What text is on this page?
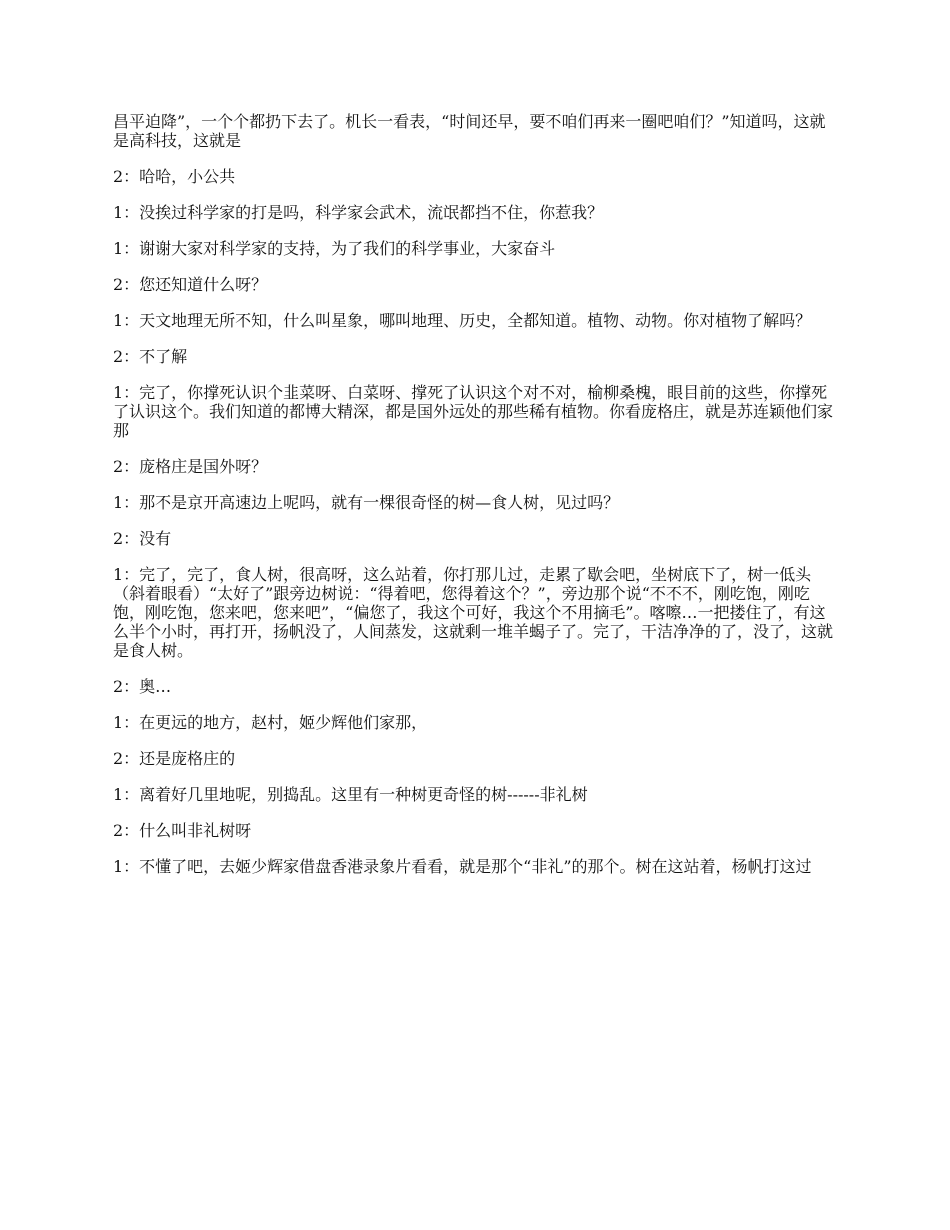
昌平迫降”，一个个都扔下去了。机长一看表，“时间还早，要不咱们再来一圈吧咱们？”知道吗，这就是高科技，这就是

2：哈哈，小公共

1：没挨过科学家的打是吗，科学家会武术，流氓都挡不住，你惹我？

1：谢谢大家对科学家的支持，为了我们的科学事业，大家奋斗

2：您还知道什么呀？

1：天文地理无所不知，什么叫星象，哪叫地理、历史，全都知道。植物、动物。你对植物了解吗？

2：不了解

1：完了，你撑死认识个韭菜呀、白菜呀、撑死了认识这个对不对，榆柳桑槐，眼目前的这些，你撑死了认识这个。我们知道的都博大精深，都是国外远处的那些稀有植物。你看庞格庄，就是苏连颖他们家那

2：庞格庄是国外呀？

1：那不是京开高速边上呢吗，就有一棵很奇怪的树—食人树，见过吗？

2：没有

1：完了，完了，食人树，很高呀，这么站着，你打那儿过，走累了歇会吧，坐树底下了，树一低头（斜着眼看）“太好了”跟旁边树说：“得着吧，您得着这个？”，旁边那个说“不不不，刚吃饱，刚吃饱，刚吃饱，您来吧，您来吧”，“偏您了，我这个可好，我这个不用摘毛”。喀嚓…一把搂住了，有这么半个小时，再打开，扬帆没了，人间蒸发，这就剩一堆羊蝎子了。完了，干洁净净的了，没了，这就是食人树。

2：奥…

1：在更远的地方，赵村，姬少辉他们家那，

2：还是庞格庄的

1：离着好几里地呢，别捣乱。这里有一种树更奇怪的树------非礼树

2：什么叫非礼树呀

1：不懂了吧，去姬少辉家借盘香港录象片看看，就是那个“非礼”的那个。树在这站着，杨帆打这过
